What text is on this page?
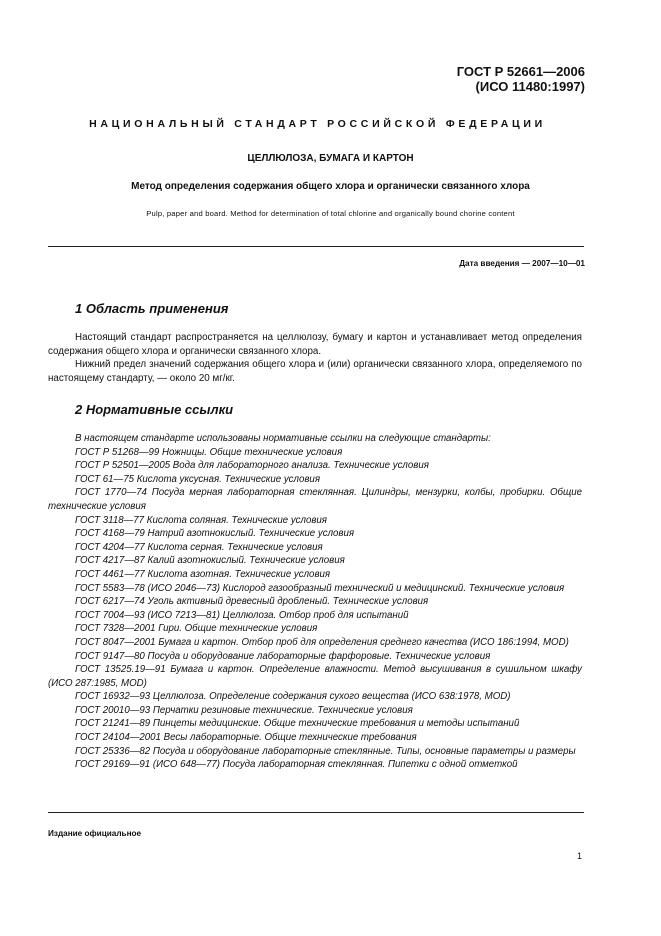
ГОСТ Р 52661—2006
(ИСО 11480:1997)
НАЦИОНАЛЬНЫЙ СТАНДАРТ РОССИЙСКОЙ ФЕДЕРАЦИИ
ЦЕЛЛЮЛОЗА, БУМАГА И КАРТОН
Метод определения содержания общего хлора и органически связанного хлора
Pulp, paper and board. Method for determination of total chlorine and organically bound chorine content
Дата введения — 2007—10—01
1 Область применения

Настоящий стандарт распространяется на целлюлозу, бумагу и картон и устанавливает метод определения содержания общего хлора и органически связанного хлора.

Нижний предел значений содержания общего хлора и (или) органически связанного хлора, определяемого по настоящему стандарту, — около 20 мг/кг.

2 Нормативные ссылки

В настоящем стандарте использованы нормативные ссылки на следующие стандарты:

ГОСТ Р 51268—99 Ножницы. Общие технические условия

ГОСТ Р 52501—2005 Вода для лабораторного анализа. Технические условия

ГОСТ 61—75 Кислота уксусная. Технические условия

ГОСТ 1770—74 Посуда мерная лабораторная стеклянная. Цилиндры, мензурки, колбы, пробирки. Общие технические условия

ГОСТ 3118—77 Кислота соляная. Технические условия

ГОСТ 4168—79 Натрий азотнокислый. Технические условия

ГОСТ 4204—77 Кислота серная. Технические условия

ГОСТ 4217—87 Калий азотнокислый. Технические условия

ГОСТ 4461—77 Кислота азотная. Технические условия

ГОСТ 5583—78 (ИСО 2046—73) Кислород газообразный технический и медицинский. Технические условия

ГОСТ 6217—74 Уголь активный древесный дробленый. Технические условия

ГОСТ 7004—93 (ИСО 7213—81) Целлюлоза. Отбор проб для испытаний

ГОСТ 7328—2001 Гири. Общие технические условия

ГОСТ 8047—2001 Бумага и картон. Отбор проб для определения среднего качества (ИСО 186:1994, MOD)

ГОСТ 9147—80 Посуда и оборудование лабораторные фарфоровые. Технические условия

ГОСТ 13525.19—91 Бумага и картон. Определение влажности. Метод высушивания в сушильном шкафу (ИСО 287:1985, MOD)

ГОСТ 16932—93 Целлюлоза. Определение содержания сухого вещества (ИСО 638:1978, MOD)

ГОСТ 20010—93 Перчатки резиновые технические. Технические условия

ГОСТ 21241—89 Пинцеты медицинские. Общие технические требования и методы испытаний

ГОСТ 24104—2001 Весы лабораторные. Общие технические требования

ГОСТ 25336—82 Посуда и оборудование лабораторные стеклянные. Типы, основные параметры и размеры

ГОСТ 29169—91 (ИСО 648—77) Посуда лабораторная стеклянная. Пипетки с одной отметкой

Издание официальное
1
